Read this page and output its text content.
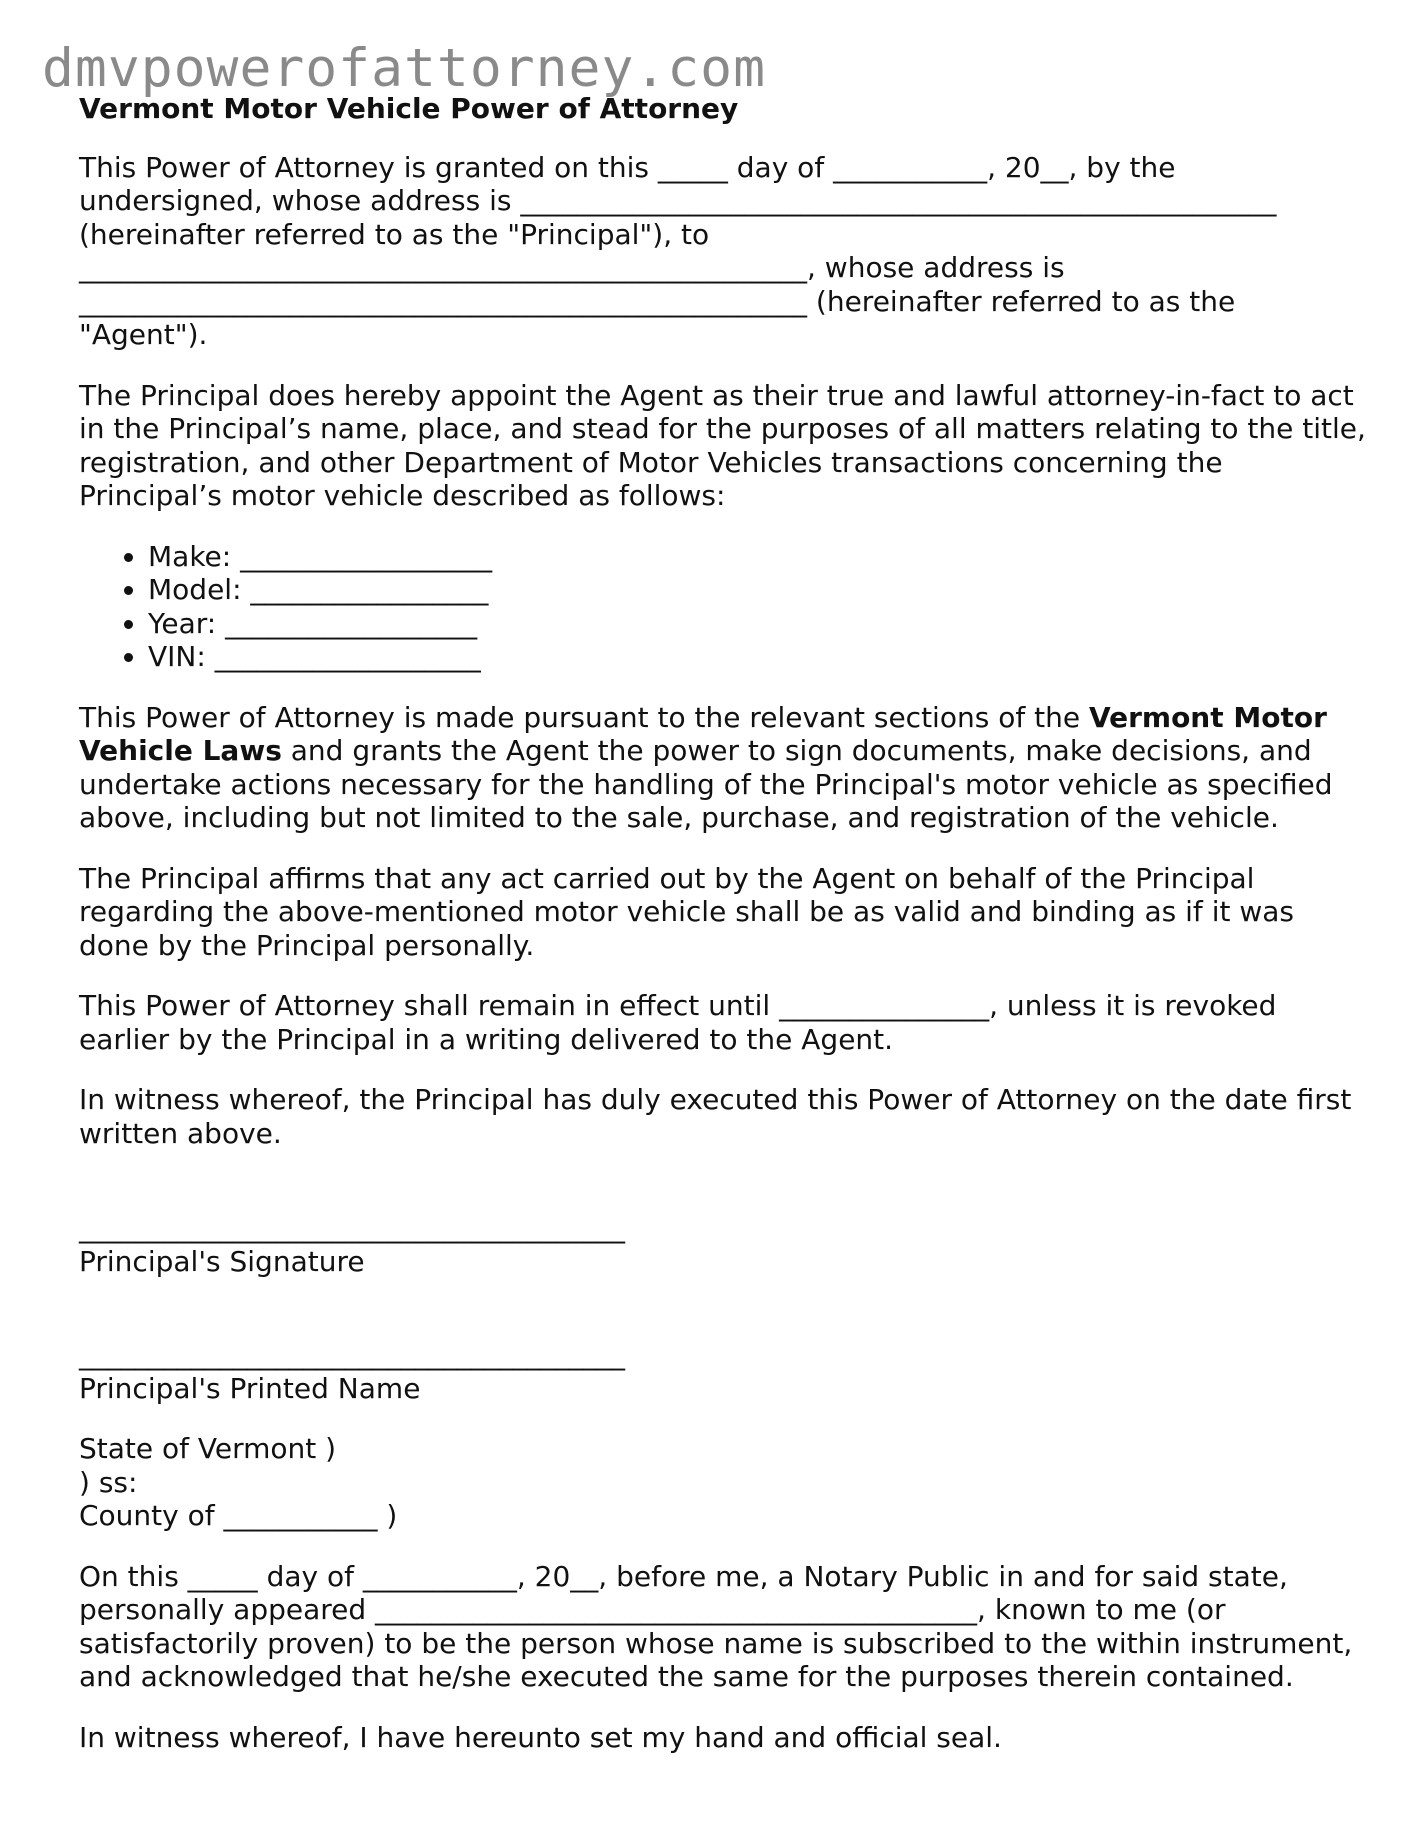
dmvpowerofattorney.com
Vermont Motor Vehicle Power of Attorney

This Power of Attorney is granted on this _____ day of ___________, 20__, by the
undersigned, whose address is ______________________________________________________
(hereinafter referred to as the "Principal"), to
____________________________________________________, whose address is
____________________________________________________ (hereinafter referred to as the
"Agent").

The Principal does hereby appoint the Agent as their true and lawful attorney-in-fact to act in the Principal’s name, place, and stead for the purposes of all matters relating to the title, registration, and other Department of Motor Vehicles transactions concerning the Principal’s motor vehicle described as follows:

• Make: __________________
• Model: _________________
• Year: __________________
• VIN: ___________________

This Power of Attorney is made pursuant to the relevant sections of the Vermont Motor Vehicle Laws and grants the Agent the power to sign documents, make decisions, and undertake actions necessary for the handling of the Principal's motor vehicle as specified above, including but not limited to the sale, purchase, and registration of the vehicle.

The Principal affirms that any act carried out by the Agent on behalf of the Principal regarding the above-mentioned motor vehicle shall be as valid and binding as if it was done by the Principal personally.

This Power of Attorney shall remain in effect until _______________, unless it is revoked earlier by the Principal in a writing delivered to the Agent.

In witness whereof, the Principal has duly executed this Power of Attorney on the date first written above.

_______________________________________

Principal's Signature

_______________________________________

Principal's Printed Name

State of Vermont )

) ss:

County of ___________ )

On this _____ day of ___________, 20__, before me, a Notary Public in and for said state, personally appeared ___________________________________________, known to me (or satisfactorily proven) to be the person whose name is subscribed to the within instrument, and acknowledged that he/she executed the same for the purposes therein contained.

In witness whereof, I have hereunto set my hand and official seal.
